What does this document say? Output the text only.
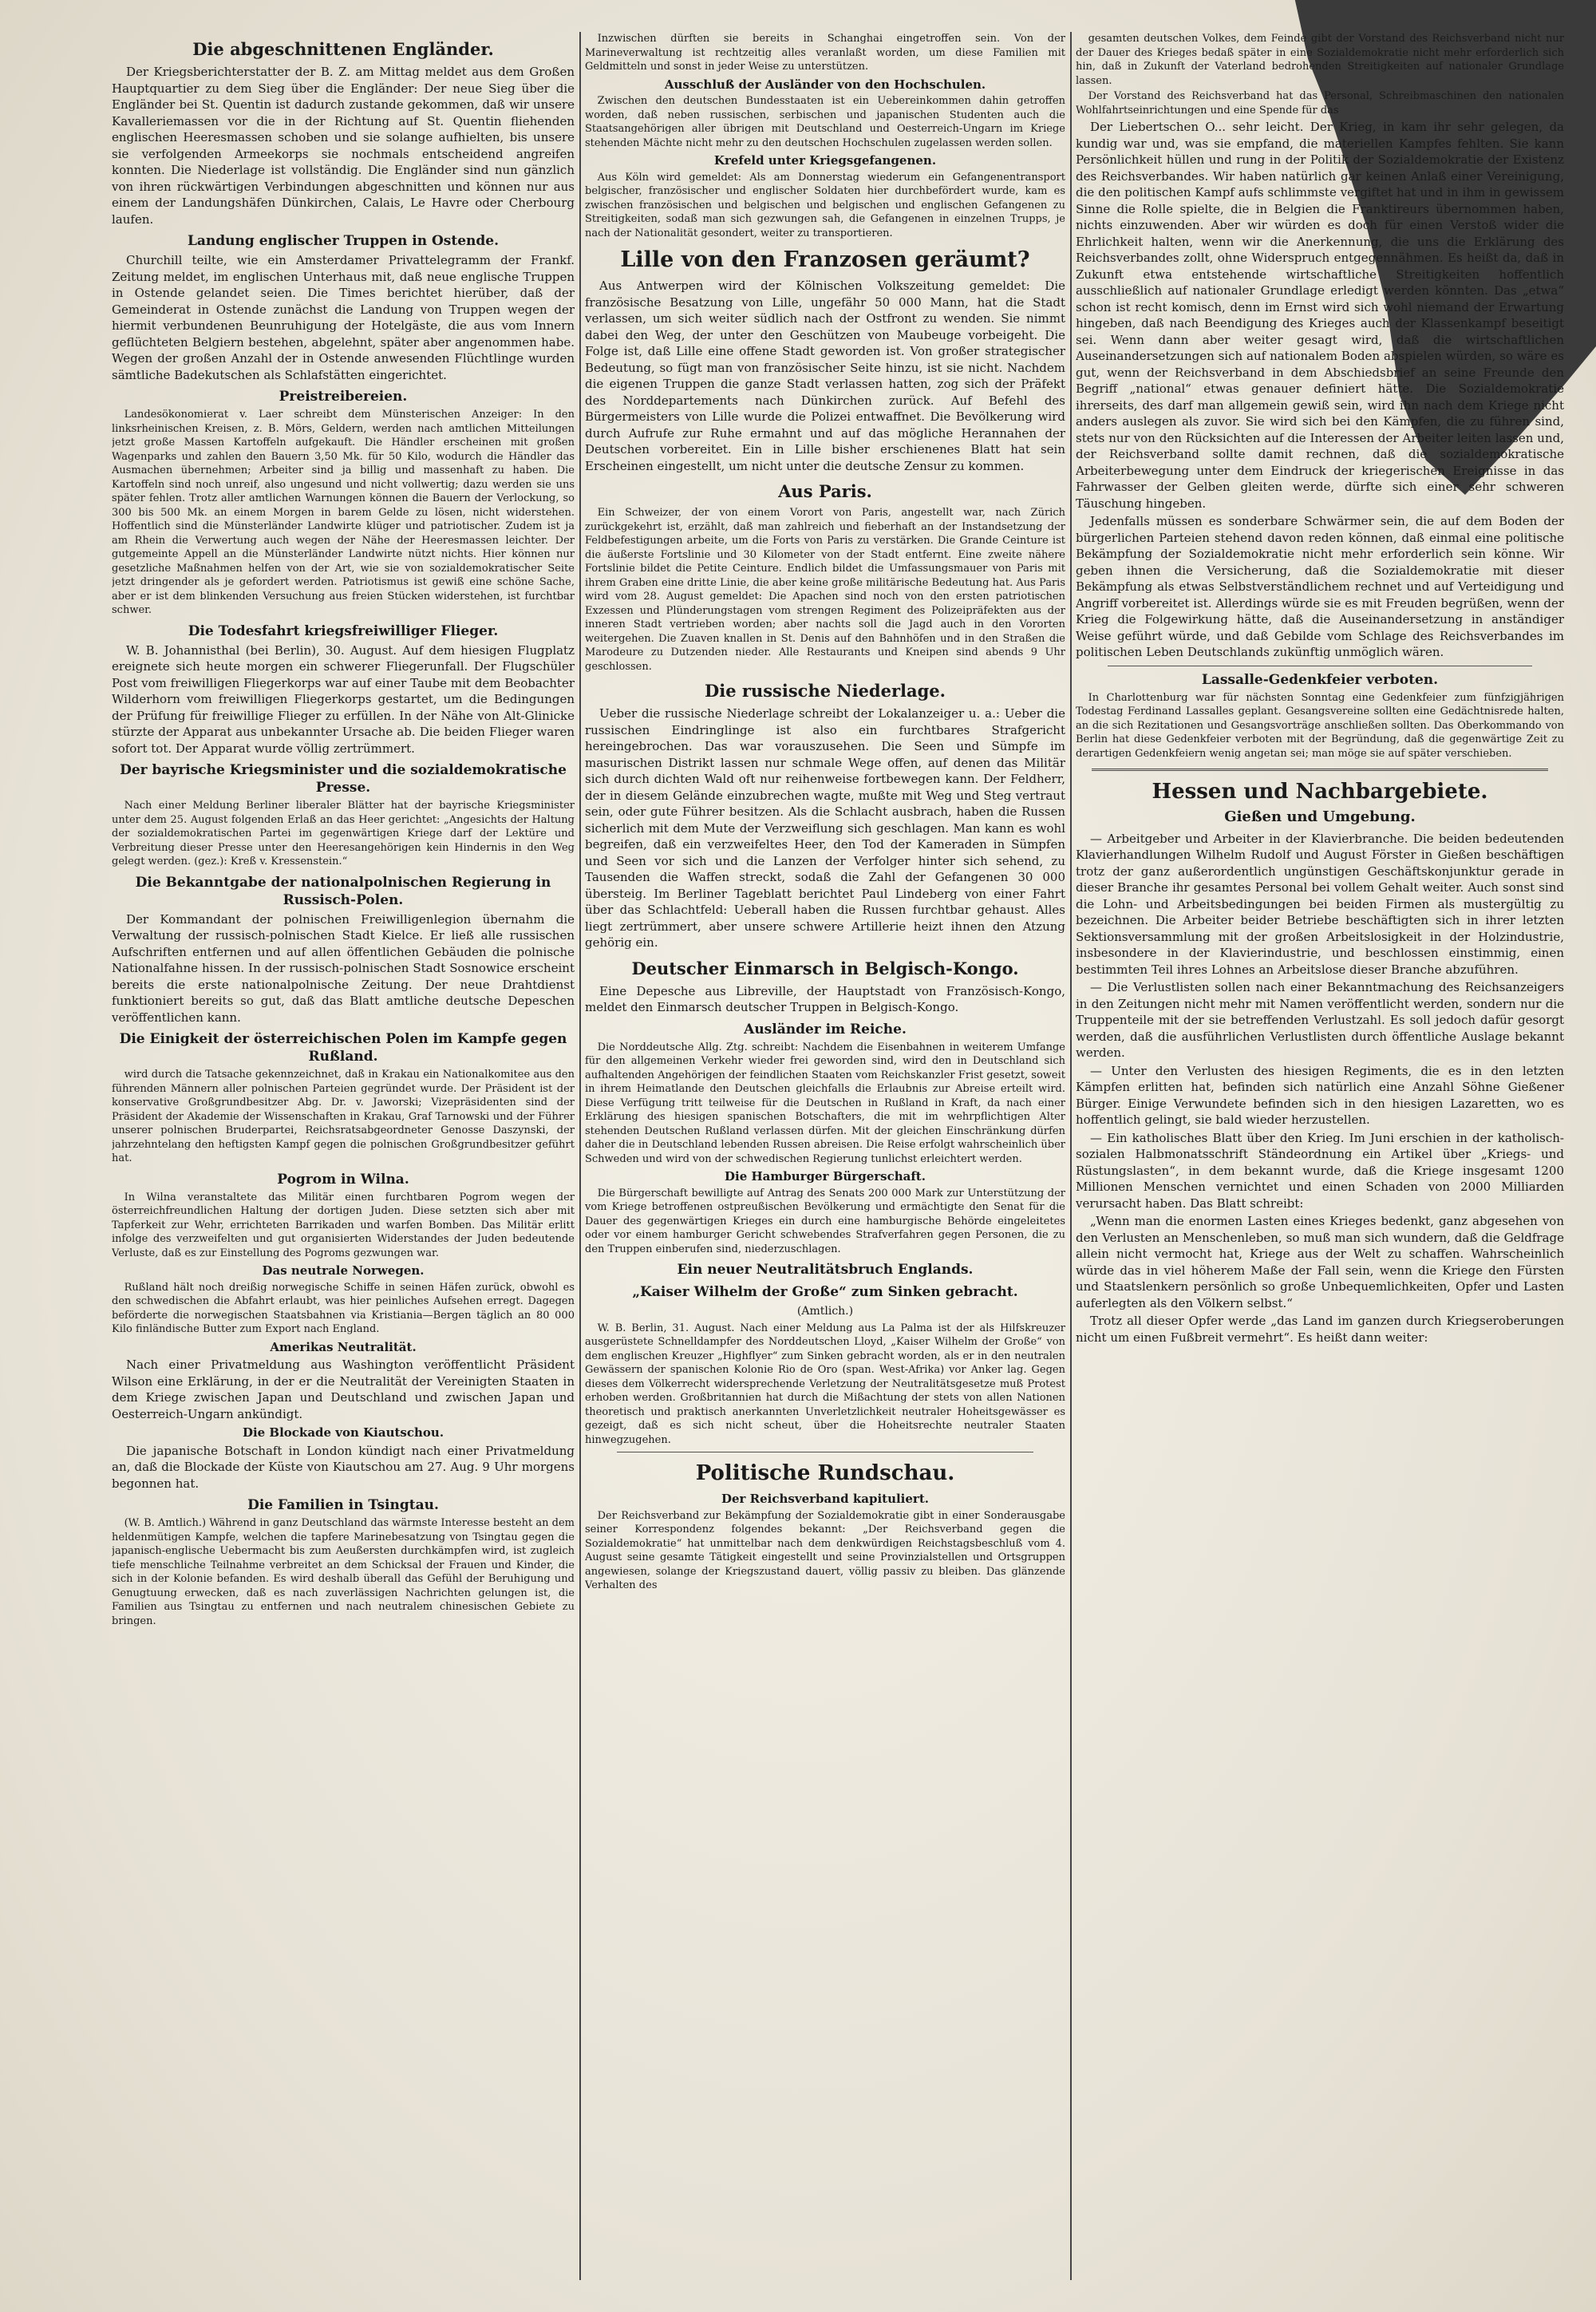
Die abgeschnittenen Engländer.

Der Kriegsberichterstatter der B. Z. am Mittag meldet aus dem Großen Hauptquartier zu dem Sieg über die Engländer: Der neue Sieg über die Engländer bei St. Quentin ist dadurch zustande gekommen, daß wir unsere Kavalleriemassen vor die in der Richtung auf St. Quentin fliehenden englischen Heeresmassen schoben und sie solange aufhielten, bis unsere sie verfolgenden Armeekorps sie nochmals entscheidend angreifen konnten. Die Niederlage ist vollständig. Die Engländer sind nun gänzlich von ihren rückwärtigen Verbindungen abgeschnitten und können nur aus einem der Landungshäfen Dünkirchen, Calais, Le Havre oder Cherbourg laufen.

Landung englischer Truppen in Ostende.

Churchill teilte, wie ein Amsterdamer Privattelegramm der Frankf. Zeitung meldet, im englischen Unterhaus mit, daß neue englische Truppen in Ostende gelandet seien. Die Times berichtet hierüber, daß der Gemeinderat in Ostende zunächst die Landung von Truppen wegen der hiermit verbundenen Beunruhigung der Hotelgäste, die aus vom Innern geflüchteten Belgiern bestehen, abgelehnt, später aber angenommen habe. Wegen der großen Anzahl der in Ostende anwesenden Flüchtlinge wurden sämtliche Badekutschen als Schlafstätten eingerichtet.

Preistreibereien.

Landesökonomierat v. Laer schreibt dem Münsterischen Anzeiger: In den linksrheinischen Kreisen, z. B. Mörs, Geldern, werden nach amtlichen Mitteilungen jetzt große Massen Kartoffeln aufgekauft. Die Händler erscheinen mit großen Wagenparks und zahlen den Bauern 3,50 Mk. für 50 Kilo, wodurch die Händler das Ausmachen übernehmen; Arbeiter sind ja billig und massenhaft zu haben. Die Kartoffeln sind noch unreif, also ungesund und nicht vollwertig; dazu werden sie uns später fehlen. Trotz aller amtlichen Warnungen können die Bauern der Verlockung, so 300 bis 500 Mk. an einem Morgen in barem Gelde zu lösen, nicht widerstehen. Hoffentlich sind die Münsterländer Landwirte klüger und patriotischer. Zudem ist ja am Rhein die Verwertung auch wegen der Nähe der Heeresmassen leichter. Der gutgemeinte Appell an die Münsterländer Landwirte nützt nichts. Hier können nur gesetzliche Maßnahmen helfen von der Art, wie sie von sozialdemokratischer Seite jetzt dringender als je gefordert werden. Patriotismus ist gewiß eine schöne Sache, aber er ist dem blinkenden Versuchung aus freien Stücken widerstehen, ist furchtbar schwer.

Die Todesfahrt kriegsfreiwilliger Flieger.

W. B. Johannisthal (bei Berlin), 30. August. Auf dem hiesigen Flugplatz ereignete sich heute morgen ein schwerer Fliegerunfall. Der Flugschüler Post vom freiwilligen Fliegerkorps war auf einer Taube mit dem Beobachter Wilderhorn vom freiwilligen Fliegerkorps gestartet, um die Bedingungen der Prüfung für freiwillige Flieger zu erfüllen. In der Nähe von Alt-Glinicke stürzte der Apparat aus unbekannter Ursache ab. Die beiden Flieger waren sofort tot. Der Apparat wurde völlig zertrümmert.

Der bayrische Kriegsminister und die sozialdemokratische Presse.

Nach einer Meldung Berliner liberaler Blätter hat der bayrische Kriegsminister unter dem 25. August folgenden Erlaß an das Heer gerichtet: „Angesichts der Haltung der sozialdemokratischen Partei im gegenwärtigen Kriege darf der Lektüre und Verbreitung dieser Presse unter den Heeresangehörigen kein Hindernis in den Weg gelegt werden. (gez.): Kreß v. Kressenstein.“

Die Bekanntgabe der nationalpolnischen Regierung in Russisch-Polen.

Der Kommandant der polnischen Freiwilligenlegion übernahm die Verwaltung der russisch-polnischen Stadt Kielce. Er ließ alle russischen Aufschriften entfernen und auf allen öffentlichen Gebäuden die polnische Nationalfahne hissen. In der russisch-polnischen Stadt Sosnowice erscheint bereits die erste nationalpolnische Zeitung. Der neue Drahtdienst funktioniert bereits so gut, daß das Blatt amtliche deutsche Depeschen veröffentlichen kann.

Die Einigkeit der österreichischen Polen im Kampfe gegen Rußland.

wird durch die Tatsache gekennzeichnet, daß in Krakau ein Nationalkomitee aus den führenden Männern aller polnischen Parteien gegründet wurde. Der Präsident ist der konservative Großgrundbesitzer Abg. Dr. v. Jaworski; Vizepräsidenten sind der Präsident der Akademie der Wissenschaften in Krakau, Graf Tarnowski und der Führer unserer polnischen Bruderpartei, Reichsratsabgeordneter Genosse Daszynski, der jahrzehntelang den heftigsten Kampf gegen die polnischen Großgrundbesitzer geführt hat.

Pogrom in Wilna.

In Wilna veranstaltete das Militär einen furchtbaren Pogrom wegen der österreichfreundlichen Haltung der dortigen Juden. Diese setzten sich aber mit Tapferkeit zur Wehr, errichteten Barrikaden und warfen Bomben. Das Militär erlitt infolge des verzweifelten und gut organisierten Widerstandes der Juden bedeutende Verluste, daß es zur Einstellung des Pogroms gezwungen war.

Das neutrale Norwegen.

Rußland hält noch dreißig norwegische Schiffe in seinen Häfen zurück, obwohl es den schwedischen die Abfahrt erlaubt, was hier peinliches Aufsehen erregt. Dagegen beförderte die norwegischen Staatsbahnen via Kristiania—Bergen täglich an 80 000 Kilo finländische Butter zum Export nach England.

Amerikas Neutralität.

Nach einer Privatmeldung aus Washington veröffentlicht Präsident Wilson eine Erklärung, in der er die Neutralität der Vereinigten Staaten in dem Kriege zwischen Japan und Deutschland und zwischen Japan und Oesterreich-Ungarn ankündigt.

Die Blockade von Kiautschou.

Die japanische Botschaft in London kündigt nach einer Privatmeldung an, daß die Blockade der Küste von Kiautschou am 27. Aug. 9 Uhr morgens begonnen hat.

Die Familien in Tsingtau.

(W. B. Amtlich.) Während in ganz Deutschland das wärmste Interesse besteht an dem heldenmütigen Kampfe, welchen die tapfere Marinebesatzung von Tsingtau gegen die japanisch-englische Uebermacht bis zum Aeußersten durchkämpfen wird, ist zugleich tiefe menschliche Teilnahme verbreitet an dem Schicksal der Frauen und Kinder, die sich in der Kolonie befanden. Es wird deshalb überall das Gefühl der Beruhigung und Genugtuung erwecken, daß es nach zuverlässigen Nachrichten gelungen ist, die Familien aus Tsingtau zu entfernen und nach neutralem chinesischen Gebiete zu bringen.

Inzwischen dürften sie bereits in Schanghai eingetroffen sein. Von der Marineverwaltung ist rechtzeitig alles veranlaßt worden, um diese Familien mit Geldmitteln und sonst in jeder Weise zu unterstützen.

Ausschluß der Ausländer von den Hochschulen.

Zwischen den deutschen Bundesstaaten ist ein Uebereinkommen dahin getroffen worden, daß neben russischen, serbischen und japanischen Studenten auch die Staatsangehörigen aller übrigen mit Deutschland und Oesterreich-Ungarn im Kriege stehenden Mächte nicht mehr zu den deutschen Hochschulen zugelassen werden sollen.

Krefeld unter Kriegsgefangenen.

Aus Köln wird gemeldet: Als am Donnerstag wiederum ein Gefangenentransport belgischer, französischer und englischer Soldaten hier durchbefördert wurde, kam es zwischen französischen und belgischen und belgischen und englischen Gefangenen zu Streitigkeiten, sodaß man sich gezwungen sah, die Gefangenen in einzelnen Trupps, je nach der Nationalität gesondert, weiter zu transportieren.

Lille von den Franzosen geräumt?

Aus Antwerpen wird der Kölnischen Volkszeitung gemeldet: Die französische Besatzung von Lille, ungefähr 50 000 Mann, hat die Stadt verlassen, um sich weiter südlich nach der Ostfront zu wenden. Sie nimmt dabei den Weg, der unter den Geschützen von Maubeuge vorbeigeht. Die Folge ist, daß Lille eine offene Stadt geworden ist. Von großer strategischer Bedeutung, so fügt man von französischer Seite hinzu, ist sie nicht. Nachdem die eigenen Truppen die ganze Stadt verlassen hatten, zog sich der Präfekt des Norddepartements nach Dünkirchen zurück. Auf Befehl des Bürgermeisters von Lille wurde die Polizei entwaffnet. Die Bevölkerung wird durch Aufrufe zur Ruhe ermahnt und auf das mögliche Herannahen der Deutschen vorbereitet. Ein in Lille bisher erschienenes Blatt hat sein Erscheinen eingestellt, um nicht unter die deutsche Zensur zu kommen.

Aus Paris.

Ein Schweizer, der von einem Vorort von Paris, angestellt war, nach Zürich zurückgekehrt ist, erzählt, daß man zahlreich und fieberhaft an der Instandsetzung der Feldbefestigungen arbeite, um die Forts von Paris zu verstärken. Die Grande Ceinture ist die äußerste Fortslinie und 30 Kilometer von der Stadt entfernt. Eine zweite nähere Fortslinie bildet die Petite Ceinture. Endlich bildet die Umfassungsmauer von Paris mit ihrem Graben eine dritte Linie, die aber keine große militärische Bedeutung hat. Aus Paris wird vom 28. August gemeldet: Die Apachen sind noch von den ersten patriotischen Exzessen und Plünderungstagen vom strengen Regiment des Polizeipräfekten aus der inneren Stadt vertrieben worden; aber nachts soll die Jagd auch in den Vororten weitergehen. Die Zuaven knallen in St. Denis auf den Bahnhöfen und in den Straßen die Marodeure zu Dutzenden nieder. Alle Restaurants und Kneipen sind abends 9 Uhr geschlossen.

Die russische Niederlage.

Ueber die russische Niederlage schreibt der Lokalanzeiger u. a.: Ueber die russischen Eindringlinge ist also ein furchtbares Strafgericht hereingebrochen. Das war vorauszusehen. Die Seen und Sümpfe im masurischen Distrikt lassen nur schmale Wege offen, auf denen das Militär sich durch dichten Wald oft nur reihenweise fortbewegen kann. Der Feldherr, der in diesem Gelände einzubrechen wagte, mußte mit Weg und Steg vertraut sein, oder gute Führer besitzen. Als die Schlacht ausbrach, haben die Russen sicherlich mit dem Mute der Verzweiflung sich geschlagen. Man kann es wohl begreifen, daß ein verzweifeltes Heer, den Tod der Kameraden in Sümpfen und Seen vor sich und die Lanzen der Verfolger hinter sich sehend, zu Tausenden die Waffen streckt, sodaß die Zahl der Gefangenen 30 000 übersteig. Im Berliner Tageblatt berichtet Paul Lindeberg von einer Fahrt über das Schlachtfeld: Ueberall haben die Russen furchtbar gehaust. Alles liegt zertrümmert, aber unsere schwere Artillerie heizt ihnen den Atzung gehörig ein.

Deutscher Einmarsch in Belgisch-Kongo.

Eine Depesche aus Libreville, der Hauptstadt von Französisch-Kongo, meldet den Einmarsch deutscher Truppen in Belgisch-Kongo.

Ausländer im Reiche.

Die Norddeutsche Allg. Ztg. schreibt: Nachdem die Eisenbahnen in weiterem Umfange für den allgemeinen Verkehr wieder frei geworden sind, wird den in Deutschland sich aufhaltenden Angehörigen der feindlichen Staaten vom Reichskanzler Frist gesetzt, soweit in ihrem Heimatlande den Deutschen gleichfalls die Erlaubnis zur Abreise erteilt wird. Diese Verfügung tritt teilweise für die Deutschen in Rußland in Kraft, da nach einer Erklärung des hiesigen spanischen Botschafters, die mit im wehrpflichtigen Alter stehenden Deutschen Rußland verlassen dürfen. Mit der gleichen Einschränkung dürfen daher die in Deutschland lebenden Russen abreisen. Die Reise erfolgt wahrscheinlich über Schweden und wird von der schwedischen Regierung tunlichst erleichtert werden.

Die Hamburger Bürgerschaft.

Die Bürgerschaft bewilligte auf Antrag des Senats 200 000 Mark zur Unterstützung der vom Kriege betroffenen ostpreußischen Bevölkerung und ermächtigte den Senat für die Dauer des gegenwärtigen Krieges ein durch eine hamburgische Behörde eingeleitetes oder vor einem hamburger Gericht schwebendes Strafverfahren gegen Personen, die zu den Truppen einberufen sind, niederzuschlagen.

Ein neuer Neutralitätsbruch Englands.
„Kaiser Wilhelm der Große“ zum Sinken gebracht.
(Amtlich.)

W. B. Berlin, 31. August. Nach einer Meldung aus La Palma ist der als Hilfskreuzer ausgerüstete Schnelldampfer des Norddeutschen Lloyd, „Kaiser Wilhelm der Große“ von dem englischen Kreuzer „Highflyer“ zum Sinken gebracht worden, als er in den neutralen Gewässern der spanischen Kolonie Rio de Oro (span. West-Afrika) vor Anker lag. Gegen dieses dem Völkerrecht widersprechende Verletzung der Neutralitätsgesetze muß Protest erhoben werden. Großbritannien hat durch die Mißachtung der stets von allen Nationen theoretisch und praktisch anerkannten Unverletzlichkeit neutraler Hoheitsgewässer es gezeigt, daß es sich nicht scheut, über die Hoheitsrechte neutraler Staaten hinwegzugehen.

Politische Rundschau.
Der Reichsverband kapituliert.

Der Reichsverband zur Bekämpfung der Sozialdemokratie gibt in einer Sonderausgabe seiner Korrespondenz folgendes bekannt: „Der Reichsverband gegen die Sozialdemokratie“ hat unmittelbar nach dem denkwürdigen Reichstagsbeschluß vom 4. August seine gesamte Tätigkeit eingestellt und seine Provinzialstellen und Ortsgruppen angewiesen, solange der Kriegszustand dauert, völlig passiv zu bleiben. Das glänzende Verhalten des

gesamten deutschen Volkes, dem Feinde gibt der Vorstand des Reichsverband nicht nur der Dauer des Krieges bedaß später in eine Sozialdemokratie nicht mehr erforderlich sich hin, daß in Zukunft der Vaterland bedrohenden Streitigkeiten auf nationaler Grundlage lassen.

Der Vorstand des Reichsverband hat das Personal, Schreibmaschinen den nationalen Wohlfahrtseinrichtungen und eine Spende für das

Der Liebertschen O... sehr leicht. Der Krieg, in kam ihr sehr gelegen, da kundig war und, was sie empfand, die materiellen Kampfes fehlten. Sie kann Persönlichkeit hüllen und rung in der Politik der Sozialdemokratie der Existenz des Reichsverbandes. Wir haben natürlich gar keinen Anlaß einer Vereinigung, die den politischen Kampf aufs schlimmste vergiftet hat und in ihm in gewissem Sinne die Rolle spielte, die in Belgien die Franktireurs übernommen haben, nichts einzuwenden. Aber wir würden es doch für einen Verstoß wider die Ehrlichkeit halten, wenn wir die Anerkennung, die uns die Erklärung des Reichsverbandes zollt, ohne Widerspruch entgegennähmen. Es heißt da, daß in Zukunft etwa entstehende wirtschaftliche Streitigkeiten hoffentlich ausschließlich auf nationaler Grundlage erledigt werden könnten. Das „etwa“ schon ist recht komisch, denn im Ernst wird sich wohl niemand der Erwartung hingeben, daß nach Beendigung des Krieges auch der Klassenkampf beseitigt sei. Wenn dann aber weiter gesagt wird, daß die wirtschaftlichen Auseinandersetzungen sich auf nationalem Boden abspielen würden, so wäre es gut, wenn der Reichsverband in dem Abschiedsbrief an seine Freunde den Begriff „national“ etwas genauer definiert hätte. Die Sozialdemokratie ihrerseits, des darf man allgemein gewiß sein, wird ihn nach dem Kriege nicht anders auslegen als zuvor. Sie wird sich bei den Kämpfen, die zu führen sind, stets nur von den Rücksichten auf die Interessen der Arbeiter leiten lassen und, der Reichsverband sollte damit rechnen, daß die sozialdemokratische Arbeiterbewegung unter dem Eindruck der kriegerischen Ereignisse in das Fahrwasser der Gelben gleiten werde, dürfte sich einer sehr schweren Täuschung hingeben.

Jedenfalls müssen es sonderbare Schwärmer sein, die auf dem Boden der bürgerlichen Parteien stehend davon reden können, daß einmal eine politische Bekämpfung der Sozialdemokratie nicht mehr erforderlich sein könne. Wir geben ihnen die Versicherung, daß die Sozialdemokratie mit dieser Bekämpfung als etwas Selbstverständlichem rechnet und auf Verteidigung und Angriff vorbereitet ist. Allerdings würde sie es mit Freuden begrüßen, wenn der Krieg die Folgewirkung hätte, daß die Auseinandersetzung in anständiger Weise geführt würde, und daß Gebilde vom Schlage des Reichsverbandes im politischen Leben Deutschlands zukünftig unmöglich wären.

Lassalle-Gedenkfeier verboten.

In Charlottenburg war für nächsten Sonntag eine Gedenkfeier zum fünfzigjährigen Todestag Ferdinand Lassalles geplant. Gesangsvereine sollten eine Gedächtnisrede halten, an die sich Rezitationen und Gesangsvorträge anschließen sollten. Das Oberkommando von Berlin hat diese Gedenkfeier verboten mit der Begründung, daß die gegenwärtige Zeit zu derartigen Gedenkfeiern wenig angetan sei; man möge sie auf später verschieben.

Hessen und Nachbargebiete.
Gießen und Umgebung.

— Arbeitgeber und Arbeiter in der Klavierbranche. Die beiden bedeutenden Klavierhandlungen Wilhelm Rudolf und August Förster in Gießen beschäftigen trotz der ganz außerordentlich ungünstigen Geschäftskonjunktur gerade in dieser Branche ihr gesamtes Personal bei vollem Gehalt weiter. Auch sonst sind die Lohn- und Arbeitsbedingungen bei beiden Firmen als mustergültig zu bezeichnen. Die Arbeiter beider Betriebe beschäftigten sich in ihrer letzten Sektionsversammlung mit der großen Arbeitslosigkeit in der Holzindustrie, insbesondere in der Klavierindustrie, und beschlossen einstimmig, einen bestimmten Teil ihres Lohnes an Arbeitslose dieser Branche abzuführen.

— Die Verlustlisten sollen nach einer Bekanntmachung des Reichsanzeigers in den Zeitungen nicht mehr mit Namen veröffentlicht werden, sondern nur die Truppenteile mit der sie betreffenden Verlustzahl. Es soll jedoch dafür gesorgt werden, daß die ausführlichen Verlustlisten durch öffentliche Auslage bekannt werden.

— Unter den Verlusten des hiesigen Regiments, die es in den letzten Kämpfen erlitten hat, befinden sich natürlich eine Anzahl Söhne Gießener Bürger. Einige Verwundete befinden sich in den hiesigen Lazaretten, wo es hoffentlich gelingt, sie bald wieder herzustellen.

— Ein katholisches Blatt über den Krieg. Im Juni erschien in der katholisch-sozialen Halbmonatsschrift Ständeordnung ein Artikel über „Kriegs- und Rüstungslasten“, in dem bekannt wurde, daß die Kriege insgesamt 1200 Millionen Menschen vernichtet und einen Schaden von 2000 Milliarden verursacht haben. Das Blatt schreibt:

„Wenn man die enormen Lasten eines Krieges bedenkt, ganz abgesehen von den Verlusten an Menschenleben, so muß man sich wundern, daß die Geldfrage allein nicht vermocht hat, Kriege aus der Welt zu schaffen. Wahrscheinlich würde das in viel höherem Maße der Fall sein, wenn die Kriege den Fürsten und Staatslenkern persönlich so große Unbequemlichkeiten, Opfer und Lasten auferlegten als den Völkern selbst.“

Trotz all dieser Opfer werde „das Land im ganzen durch Kriegseroberungen nicht um einen Fußbreit vermehrt“. Es heißt dann weiter:
